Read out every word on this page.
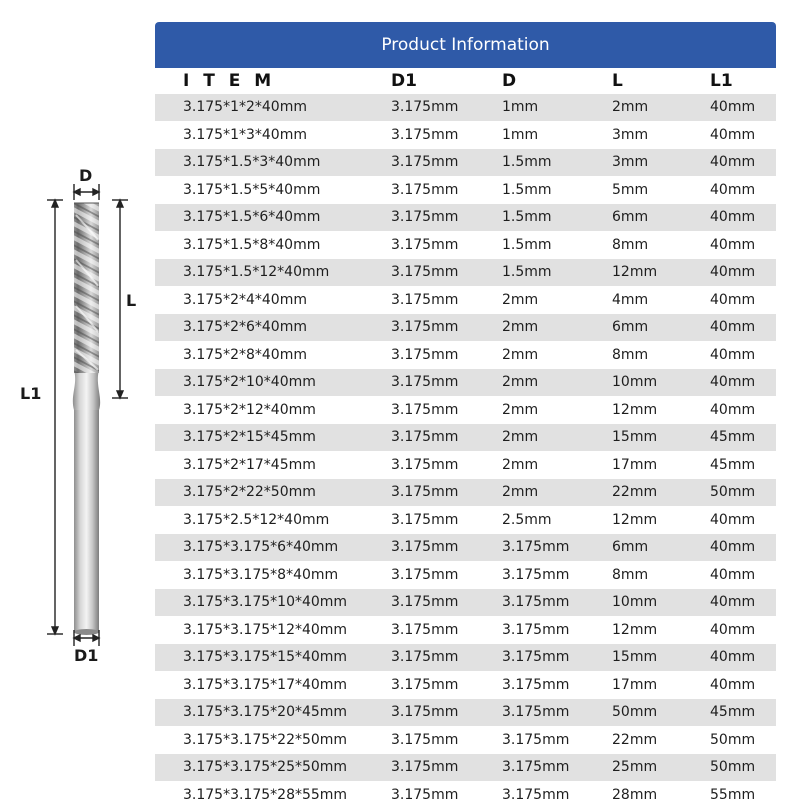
D
L
L1
D1
Product Information
I T E M	D1	D	L	L1
3.175*1*2*40mm	3.175mm	1mm	2mm	40mm
3.175*1*3*40mm	3.175mm	1mm	3mm	40mm
3.175*1.5*3*40mm	3.175mm	1.5mm	3mm	40mm
3.175*1.5*5*40mm	3.175mm	1.5mm	5mm	40mm
3.175*1.5*6*40mm	3.175mm	1.5mm	6mm	40mm
3.175*1.5*8*40mm	3.175mm	1.5mm	8mm	40mm
3.175*1.5*12*40mm	3.175mm	1.5mm	12mm	40mm
3.175*2*4*40mm	3.175mm	2mm	4mm	40mm
3.175*2*6*40mm	3.175mm	2mm	6mm	40mm
3.175*2*8*40mm	3.175mm	2mm	8mm	40mm
3.175*2*10*40mm	3.175mm	2mm	10mm	40mm
3.175*2*12*40mm	3.175mm	2mm	12mm	40mm
3.175*2*15*45mm	3.175mm	2mm	15mm	45mm
3.175*2*17*45mm	3.175mm	2mm	17mm	45mm
3.175*2*22*50mm	3.175mm	2mm	22mm	50mm
3.175*2.5*12*40mm	3.175mm	2.5mm	12mm	40mm
3.175*3.175*6*40mm	3.175mm	3.175mm	6mm	40mm
3.175*3.175*8*40mm	3.175mm	3.175mm	8mm	40mm
3.175*3.175*10*40mm	3.175mm	3.175mm	10mm	40mm
3.175*3.175*12*40mm	3.175mm	3.175mm	12mm	40mm
3.175*3.175*15*40mm	3.175mm	3.175mm	15mm	40mm
3.175*3.175*17*40mm	3.175mm	3.175mm	17mm	40mm
3.175*3.175*20*45mm	3.175mm	3.175mm	50mm	45mm
3.175*3.175*22*50mm	3.175mm	3.175mm	22mm	50mm
3.175*3.175*25*50mm	3.175mm	3.175mm	25mm	50mm
3.175*3.175*28*55mm	3.175mm	3.175mm	28mm	55mm
